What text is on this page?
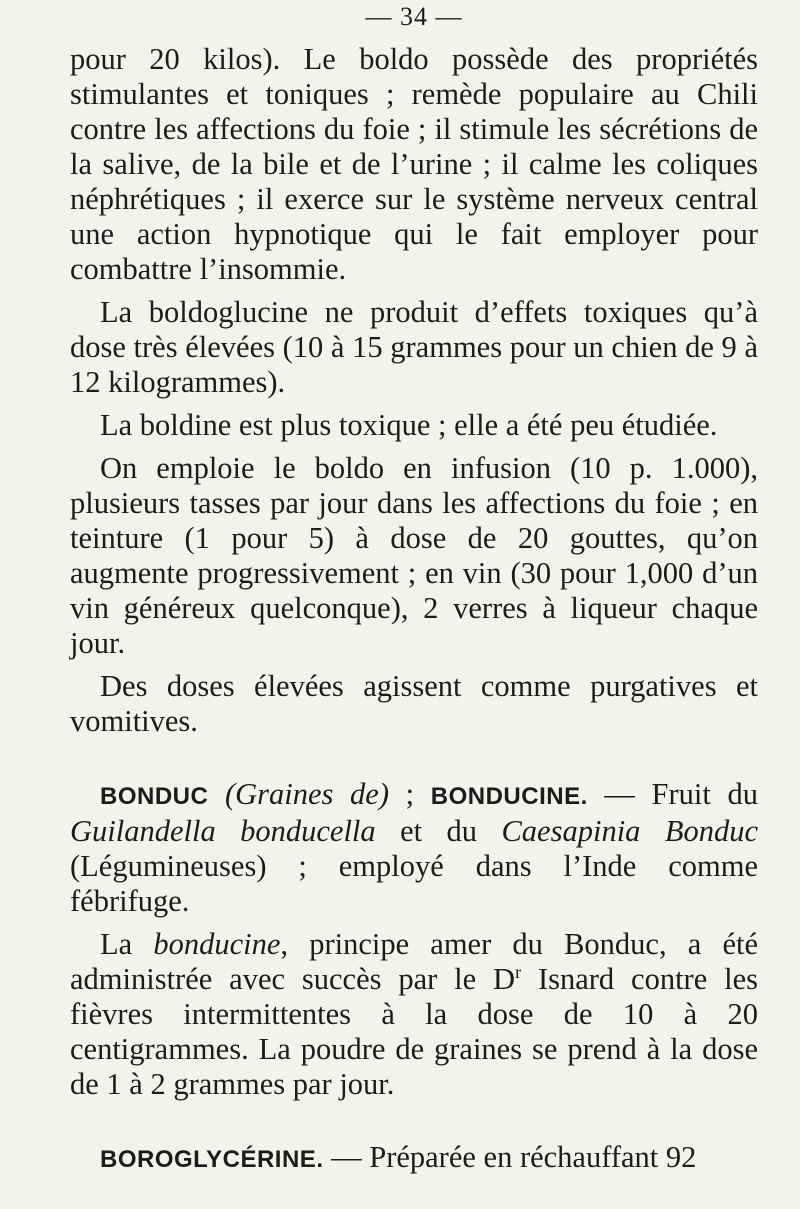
— 34 —

pour 20 kilos). Le boldo possède des propriétés stimulantes et toniques ; remède populaire au Chili contre les affections du foie ; il stimule les sécrétions de la salive, de la bile et de l’urine ; il calme les coliques néphrétiques ; il exerce sur le système nerveux central une action hypnotique qui le fait employer pour combattre l’insommie.

La boldoglucine ne produit d’effets toxiques qu’à dose très élevées (10 à 15 grammes pour un chien de 9 à 12 kilogrammes).

La boldine est plus toxique ; elle a été peu étudiée.

On emploie le boldo en infusion (10 p. 1.000), plusieurs tasses par jour dans les affections du foie ; en teinture (1 pour 5) à dose de 20 gouttes, qu’on augmente progressivement ; en vin (30 pour 1,000 d’un vin généreux quelconque), 2 verres à liqueur chaque jour.

Des doses élevées agissent comme purgatives et vomitives.

BONDUC (Graines de) ; BONDUCINE. — Fruit du Guilandella bonducella et du Caesapinia Bonduc (Légumineuses) ; employé dans l’Inde comme fébrifuge.

La bonducine, principe amer du Bonduc, a été administrée avec succès par le $D^r$ Isnard contre les fièvres intermittentes à la dose de 10 à 20 centigrammes. La poudre de graines se prend à la dose de 1 à 2 grammes par jour.

BOROGLYCÉRINE. — Préparée en réchauffant 92
